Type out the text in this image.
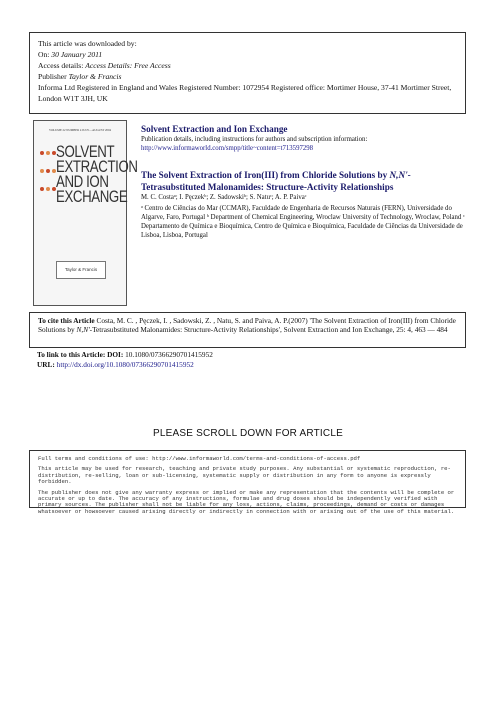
This article was downloaded by:
On: 30 January 2011
Access details: Access Details: Free Access
Publisher Taylor & Francis
Informa Ltd Registered in England and Wales Registered Number: 1072954 Registered office: Mortimer House, 37-41 Mortimer Street, London W1T 3JH, UK
VOLUME 22 NUMBER 4 JULY—AUGUST 2004

SOLVENT EXTRACTION AND ION EXCHANGE
Taylor & Francis
Solvent Extraction and Ion Exchange
Publication details, including instructions for authors and subscription information:
http://www.informaworld.com/smpp/title~content=t713597298
The Solvent Extraction of Iron(III) from Chloride Solutions by N,N'-Tetrasubstituted Malonamides: Structure-Activity Relationships
M. C. Costaᵃ; I. Pęczekᵇ; Z. Sadowskiᵇ; S. Natuᶜ; A. P. Paivaᶜ
ᵃ Centro de Ciências do Mar (CCMAR), Faculdade de Engenharia de Recursos Naturais (FERN), Universidade do Algarve, Faro, Portugal ᵇ Department of Chemical Engineering, Wroclaw University of Technology, Wroclaw, Poland ᶜ Departamento de Química e Bioquímica, Centro de Química e Bioquímica, Faculdade de Ciências da Universidade de Lisboa, Lisboa, Portugal
To cite this Article Costa, M. C. , Pęczek, I. , Sadowski, Z. , Natu, S. and Paiva, A. P.(2007) 'The Solvent Extraction of Iron(III) from Chloride Solutions by N,N'-Tetrasubstituted Malonamides: Structure-Activity Relationships', Solvent Extraction and Ion Exchange, 25: 4, 463 — 484
To link to this Article: DOI: 10.1080/07366290701415952
URL: http://dx.doi.org/10.1080/07366290701415952
PLEASE SCROLL DOWN FOR ARTICLE

Full terms and conditions of use: http://www.informaworld.com/terms-and-conditions-of-access.pdf

This article may be used for research, teaching and private study purposes. Any substantial or systematic reproduction, re-distribution, re-selling, loan or sub-licensing, systematic supply or distribution in any form to anyone is expressly forbidden.

The publisher does not give any warranty express or implied or make any representation that the contents will be complete or accurate or up to date. The accuracy of any instructions, formulae and drug doses should be independently verified with primary sources. The publisher shall not be liable for any loss, actions, claims, proceedings, demand or costs or damages whatsoever or howsoever caused arising directly or indirectly in connection with or arising out of the use of this material.
